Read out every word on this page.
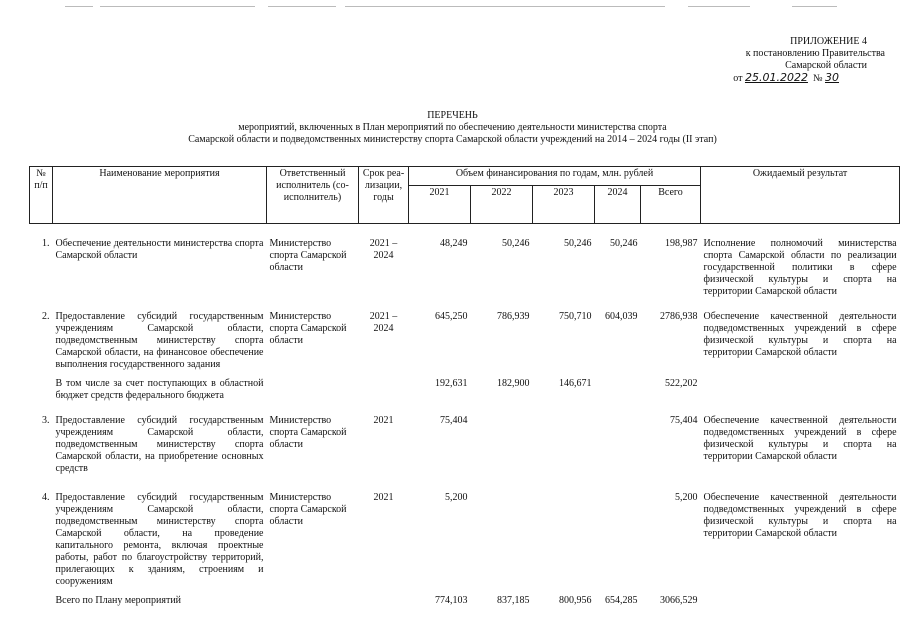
ПРИЛОЖЕНИЕ 4
к постановлению Правительства
Самарской области
от 25.01.2022 № 30
ПЕРЕЧЕНЬ
мероприятий, включенных в План мероприятий по обеспечению деятельности министерства спорта
Самарской области и подведомственных министерству спорта Самарской области учреждений на 2014 – 2024 годы (II этап)
№ п/п	Наименование мероприятия	Ответственный исполнитель (со-исполнитель)	Срок реа-лизации, годы	Объем финансирования по годам, млн. рублей					Ожидаемый результат
				2021	2022	2023	2024	Всего	
1.	Обеспечение деятельности министерства спорта Самарской области	Министерство спорта Самарской области	2021 – 2024	48,249	50,246	50,246	50,246	198,987	Исполнение полномочий министерства спорта Самарской области по реализации государственной политики в сфере физической культуры и спорта на территории Самарской области
2.	Предоставление субсидий государственным учреждениям Самарской области, подведомственным министерству спорта Самарской области, на финансовое обеспечение выполнения государственного задания	Министерство спорта Самарской области	2021 – 2024	645,250	786,939	750,710	604,039	2786,938	Обеспечение качественной деятельности подведомственных учреждений в сфере физической культуры и спорта на территории Самарской области
	В том числе за счет поступающих в областной бюджет средств федерального бюджета			192,631	182,900	146,671		522,202	
3.	Предоставление субсидий государственным учреждениям Самарской области, подведомственным министерству спорта Самарской области, на приобретение основных средств	Министерство спорта Самарской области	2021	75,404				75,404	Обеспечение качественной деятельности подведомственных учреждений в сфере физической культуры и спорта на территории Самарской области
4.	Предоставление субсидий государственным учреждениям Самарской области, подведомственным министерству спорта Самарской области, на проведение капитального ремонта, включая проектные работы, работ по благоустройству территорий, прилегающих к зданиям, строениям и сооружениям	Министерство спорта Самарской области	2021	5,200				5,200	Обеспечение качественной деятельности подведомственных учреждений в сфере физической культуры и спорта на территории Самарской области
	Всего по Плану мероприятий			774,103	837,185	800,956	654,285	3066,529	
